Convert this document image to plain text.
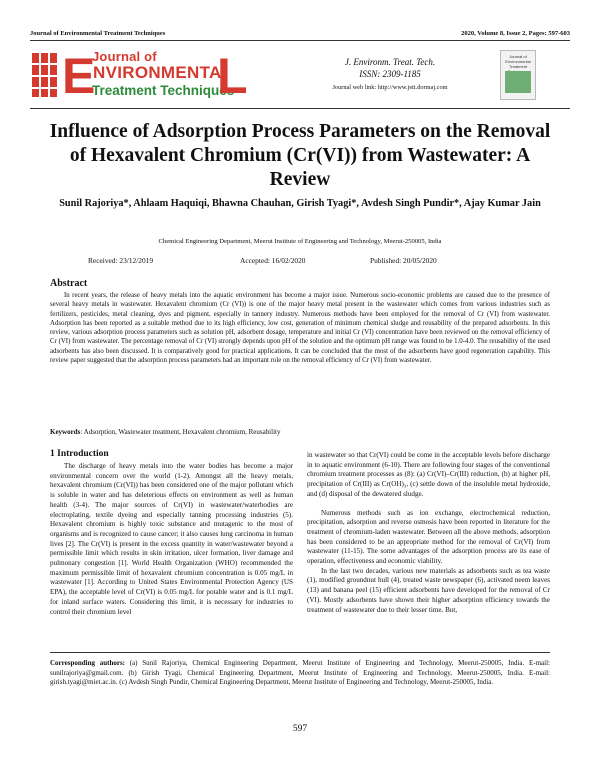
Journal of Environmental Treatment Techniques	2020, Volume 8, Issue 2, Pages: 597-603
E
Journal of
NVIRONMENTA
Treatment Techniques
L	J. Environm. Treat. Tech.
ISSN: 2309-1185
Journal web link: http://www.jett.dormaj.com
Journal of Environmental Treatment
Influence of Adsorption Process Parameters on the Removal of Hexavalent Chromium (Cr(VI)) from Wastewater: A Review
Sunil Rajoriya*, Ahlaam Haquiqi, Bhawna Chauhan, Girish Tyagi*, Avdesh Singh Pundir*, Ajay Kumar Jain
Chemical Engineering Department, Meerut Institute of Engineering and Technology, Meerut-250005, India
Received: 23/12/2019	Accepted: 16/02/2020	Published: 20/05/2020
Abstract

In recent years, the release of heavy metals into the aquatic environment has become a major issue. Numerous socio-economic problems are caused due to the presence of several heavy metals in wastewater. Hexavalent chromium (Cr (VI)) is one of the major heavy metal present in the wastewater which comes from various industries such as fertilizers, pesticides, metal cleaning, dyes and pigment, especially in tannery industry. Numerous methods have been employed for the removal of Cr (VI) from wastewater. Adsorption has been reported as a suitable method due to its high efficiency, low cost, generation of minimum chemical sludge and reusability of the prepared adsorbents. In this review, various adsorption process parameters such as solution pH, adsorbent dosage, temperature and initial Cr (VI) concentration have been reviewed on the removal efficiency of Cr (VI) from wastewater. The percentage removal of Cr (VI) strongly depends upon pH of the solution and the optimum pH range was found to be 1.0-4.0. The reusability of the used adsorbents has also been discussed. It is comparatively good for practical applications. It can be concluded that the most of the adsorbents have good regeneration capability. This review paper suggested that the adsorption process parameters had an important role on the removal efficiency of Cr (VI) from wastewater.

Keywords: Adsorption, Wastewater treatment, Hexavalent chromium, Reusability
1 Introduction

The discharge of heavy metals into the water bodies has become a major environmental concern over the world (1-2). Amongst all the heavy metals, hexavalent chromium (Cr(VI)) has been considered one of the major pollutant which is soluble in water and has deleterious effects on environment as well as human health (3-4). The major sources of Cr(VI) in wastewater/waterbodies are electroplating, textile dyeing and especially tanning processing industries (5). Hexavalent chromium is highly toxic substance and mutagenic to the most of organisms and is recognized to cause cancer; it also causes lung carcinoma in human lives [2]. The Cr(VI) is present in the excess quantity in water/wastewater beyond a permissible limit which results in skin irritation, ulcer formation, liver damage and pulmonary congestion [1]. World Health Organization (WHO) recommended the maximum permissible limit of hexavalent chromium concentration is 0.05 mg/L in wastewater [1]. According to United States Environmental Protection Agency (US EPA), the acceptable level of Cr(VI) is 0.05 mg/L for potable water and is 0.1 mg/L for inland surface waters. Considering this limit, it is necessary for industries to control their chromium level

in wastewater so that Cr(VI) could be come in the acceptable levels before discharge in to aquatic environment (6-10). There are following four stages of the conventional chromium treatment processes as (8): (a) Cr(VI)–Cr(III) reduction, (b) at higher pH, precipitation of Cr(III) as Cr(OH)₃, (c) settle down of the insoluble metal hydroxide, and (d) disposal of the dewatered sludge.

Numerous methods such as ion exchange, electrochemical reduction, precipitation, adsorption and reverse osmosis have been reported in literature for the treatment of chromium-laden wastewater. Between all the above methods, adsorption has been considered to be an appropriate method for the removal of Cr(VI) from wastewater (11-15). The some advantages of the adsorption process are its ease of operation, effectiveness and economic viability.

In the last two decades, various new materials as adsorbents such as tea waste (1), modified groundnut hull (4), treated waste newspaper (6), activated neem leaves (13) and banana peel (15) efficient adsorbents have developed for the removal of Cr (VI). Mostly adsorbents have shown their higher adsorption efficiency towards the treatment of wastewater due to their lesser time. But,

Corresponding authors: (a) Sunil Rajoriya, Chemical Engineering Department, Meerut Institute of Engineering and Technology, Meerut-250005, India. E-mail: sunilrajoriya@gmail.com. (b) Girish Tyagi, Chemical Engineering Department, Meerut Institute of Engineering and Technology, Meerut-250005, India. E-mail: girish.tyagi@miet.ac.in. (c) Avdesh Singh Pundir, Chemical Engineering Department, Meerut Institute of Engineering and Technology, Meerut-250005, India.
597
